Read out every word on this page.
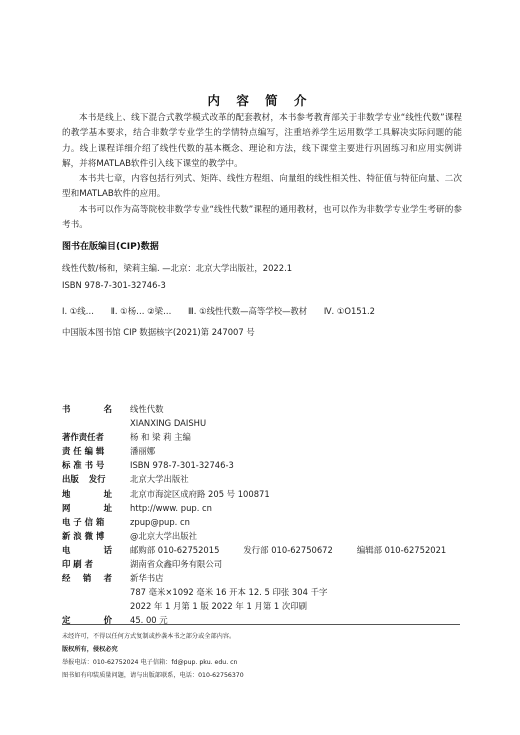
内 容 简 介

本书是线上、线下混合式教学模式改革的配套教材，本书参考教育部关于非数学专业“线性代数”课程的教学基本要求，结合非数学专业学生的学情特点编写，注重培养学生运用数学工具解决实际问题的能力。线上课程详细介绍了线性代数的基本概念、理论和方法，线下课堂主要进行巩固练习和应用实例讲解，并将MATLAB软件引入线下课堂的教学中。

本书共七章，内容包括行列式、矩阵、线性方程组、向量组的线性相关性、特征值与特征向量、二次型和MATLAB软件的应用。

本书可以作为高等院校非数学专业“线性代数”课程的通用教材，也可以作为非数学专业学生考研的参考书。

图书在版编目(CIP)数据
线性代数/杨和，梁莉主编. —北京：北京大学出版社，2022.1
ISBN 978-7-301-32746-3
Ⅰ. ①线… Ⅱ. ①杨… ②梁… Ⅲ. ①线性代数—高等学校—教材 Ⅳ. ①O151.2
中国版本图书馆 CIP 数据核字(2021)第 247007 号
书	名 线性代数
XIANXING DAISHU
著作责任者	杨 和 梁 莉 主编
责 任 编 辑	潘丽娜
标 准 书 号	ISBN 978-7-301-32746-3
出版 发行	北京大学出版社
地	址 北京市海淀区成府路 205 号 100871
网	址 http://www. pup. cn
电 子 信 箱	zpup@pup. cn
新 浪 微 博	@北京大学出版社
电	话 邮购部 010-62752015	发行部 010-62750672	编辑部 010-62752021
印 刷 者	湖南省众鑫印务有限公司
经 销 者 新华书店
787 毫米×1092 毫米 16 开本 12. 5 印张 304 千字
2022 年 1 月第 1 版 2022 年 1 月第 1 次印刷
定	价 45. 00 元
未经许可，不得以任何方式复制或抄袭本书之部分或全部内容。
版权所有，侵权必究
举报电话：010-62752024 电子信箱：fd@pup. pku. edu. cn
图书如有印装质量问题，请与出版部联系，电话：010-62756370
